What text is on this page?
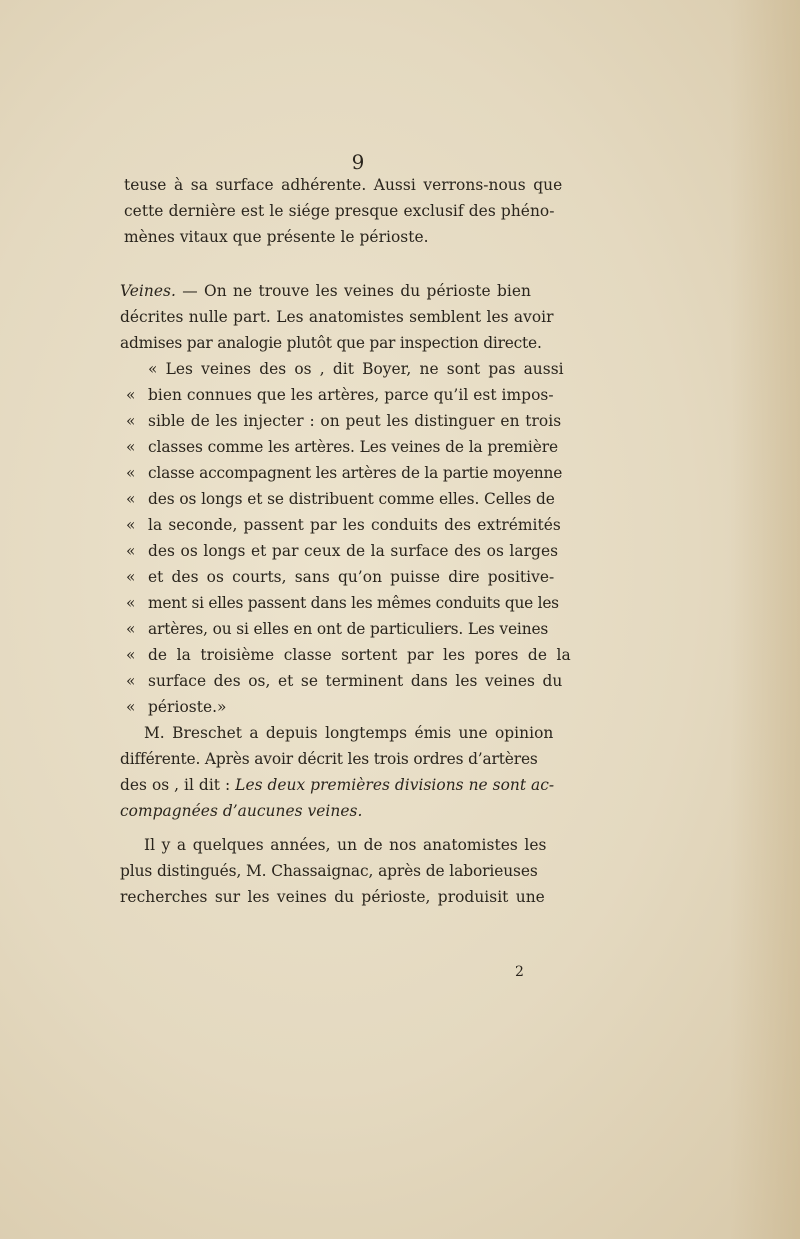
9
teuse à sa surface adhérente. Aussi verrons-nous que
cette dernière est le siége presque exclusif des phéno-
mènes vitaux que présente le périoste.
Veines. — On ne trouve les veines du périoste bien
décrites nulle part. Les anatomistes semblent les avoir
admises par analogie plutôt que par inspection directe.
« Les veines des os , dit Boyer, ne sont pas aussi
« bien connues que les artères, parce qu’il est impos-
« sible de les injecter : on peut les distinguer en trois
« classes comme les artères. Les veines de la première
« classe accompagnent les artères de la partie moyenne
« des os longs et se distribuent comme elles. Celles de
« la seconde, passent par les conduits des extrémités
« des os longs et par ceux de la surface des os larges
« et des os courts, sans qu’on puisse dire positive-
« ment si elles passent dans les mêmes conduits que les
« artères, ou si elles en ont de particuliers. Les veines
« de la troisième classe sortent par les pores de la
« surface des os, et se terminent dans les veines du
« périoste.»
M. Breschet a depuis longtemps émis une opinion
différente. Après avoir décrit les trois ordres d’artères
des os , il dit : Les deux premières divisions ne sont ac-
compagnées d’aucunes veines.
Il y a quelques années, un de nos anatomistes les
plus distingués, M. Chassaignac, après de laborieuses
recherches sur les veines du périoste, produisit une
2
